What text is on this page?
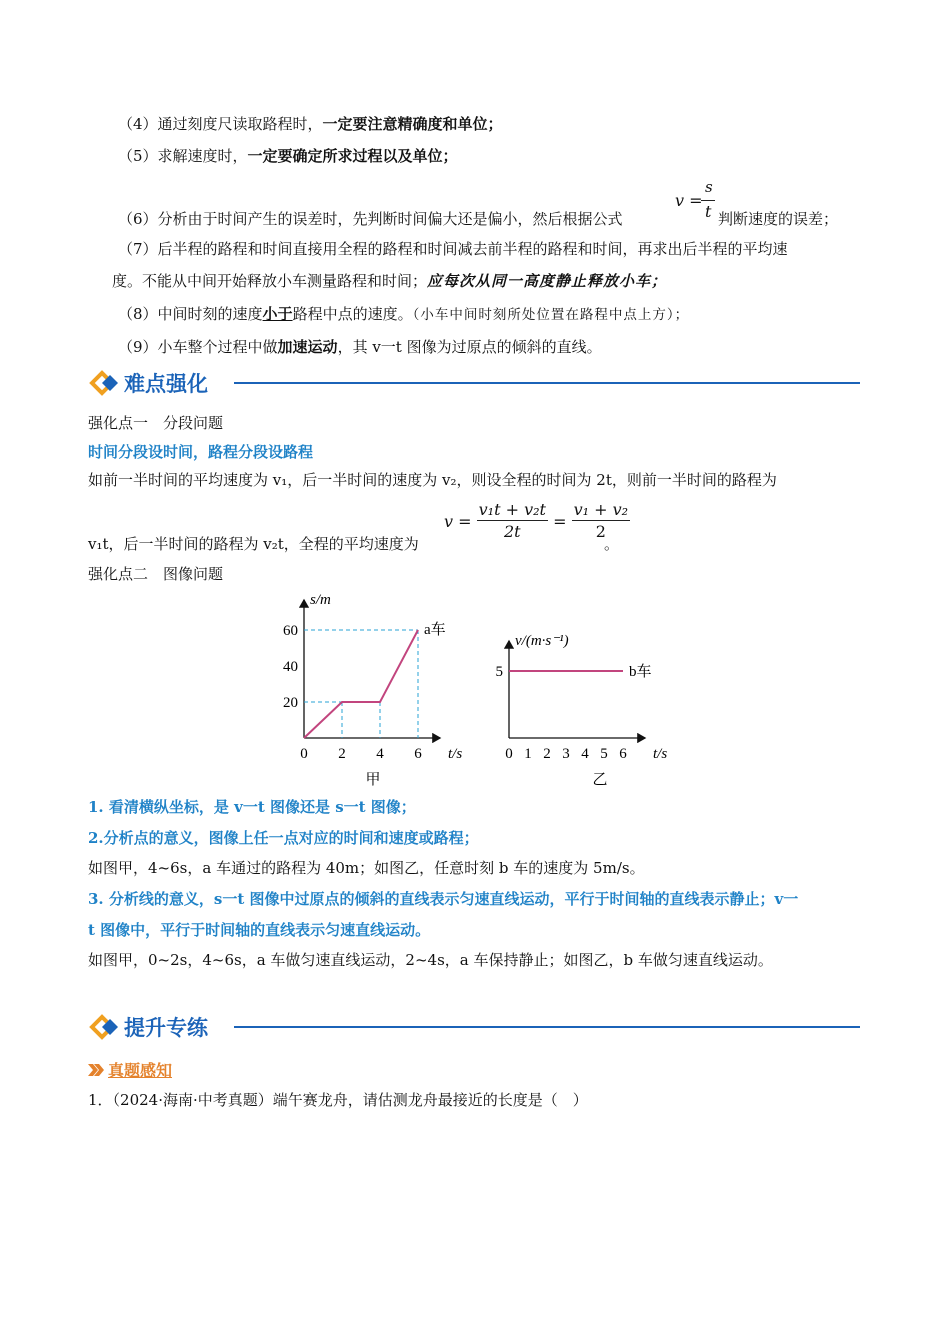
（4）通过刻度尺读取路程时，一定要注意精确度和单位；
（5）求解速度时，一定要确定所求过程以及单位；
（6）分析由于时间产生的误差时，先判断时间偏大还是偏小，然后根据公式
v =
s
t 判断速度的误差；
（7）后半程的路程和时间直接用全程的路程和时间减去前半程的路程和时间，再求出后半程的平均速
度。不能从中间开始释放小车测量路程和时间；应每次从同一高度静止释放小车；
（8）中间时刻的速度小于路程中点的速度。（小车中间时刻所处位置在路程中点上方）；
（9）小车整个过程中做加速运动，其 v一t 图像为过原点的倾斜的直线。
难点强化
强化点一　分段问题
时间分段设时间，路程分段设路程
如前一半时间的平均速度为 v₁，后一半时间的速度为 v₂，则设全程的时间为 2t，则前一半时间的路程为
v₁t，后一半时间的路程为 v₂t，全程的平均速度为
$v = \frac{\text{v₁t + v₂t}}{2t} = \frac{\text{v₁ + v₂}}{2}$
。
强化点二　图像问题
0 2 4 6
20
40
60
t/s
s/m
a车
甲
0 1 2 3 4 5 6
5
t/s
v/(m·s⁻¹)
b车
乙
1. 看清横纵坐标，是 v一t 图像还是 s一t 图像；
2.分析点的意义，图像上任一点对应的时间和速度或路程；
如图甲，4~6s，a 车通过的路程为 40m；如图乙，任意时刻 b 车的速度为 5m/s。
3. 分析线的意义，s一t 图像中过原点的倾斜的直线表示匀速直线运动，平行于时间轴的直线表示静止；v一
t 图像中，平行于时间轴的直线表示匀速直线运动。
如图甲，0~2s，4~6s，a 车做匀速直线运动，2~4s，a 车保持静止；如图乙，b 车做匀速直线运动。
提升专练
真题感知
1．（2024·海南·中考真题）端午赛龙舟，请估测龙舟最接近的长度是（　）
